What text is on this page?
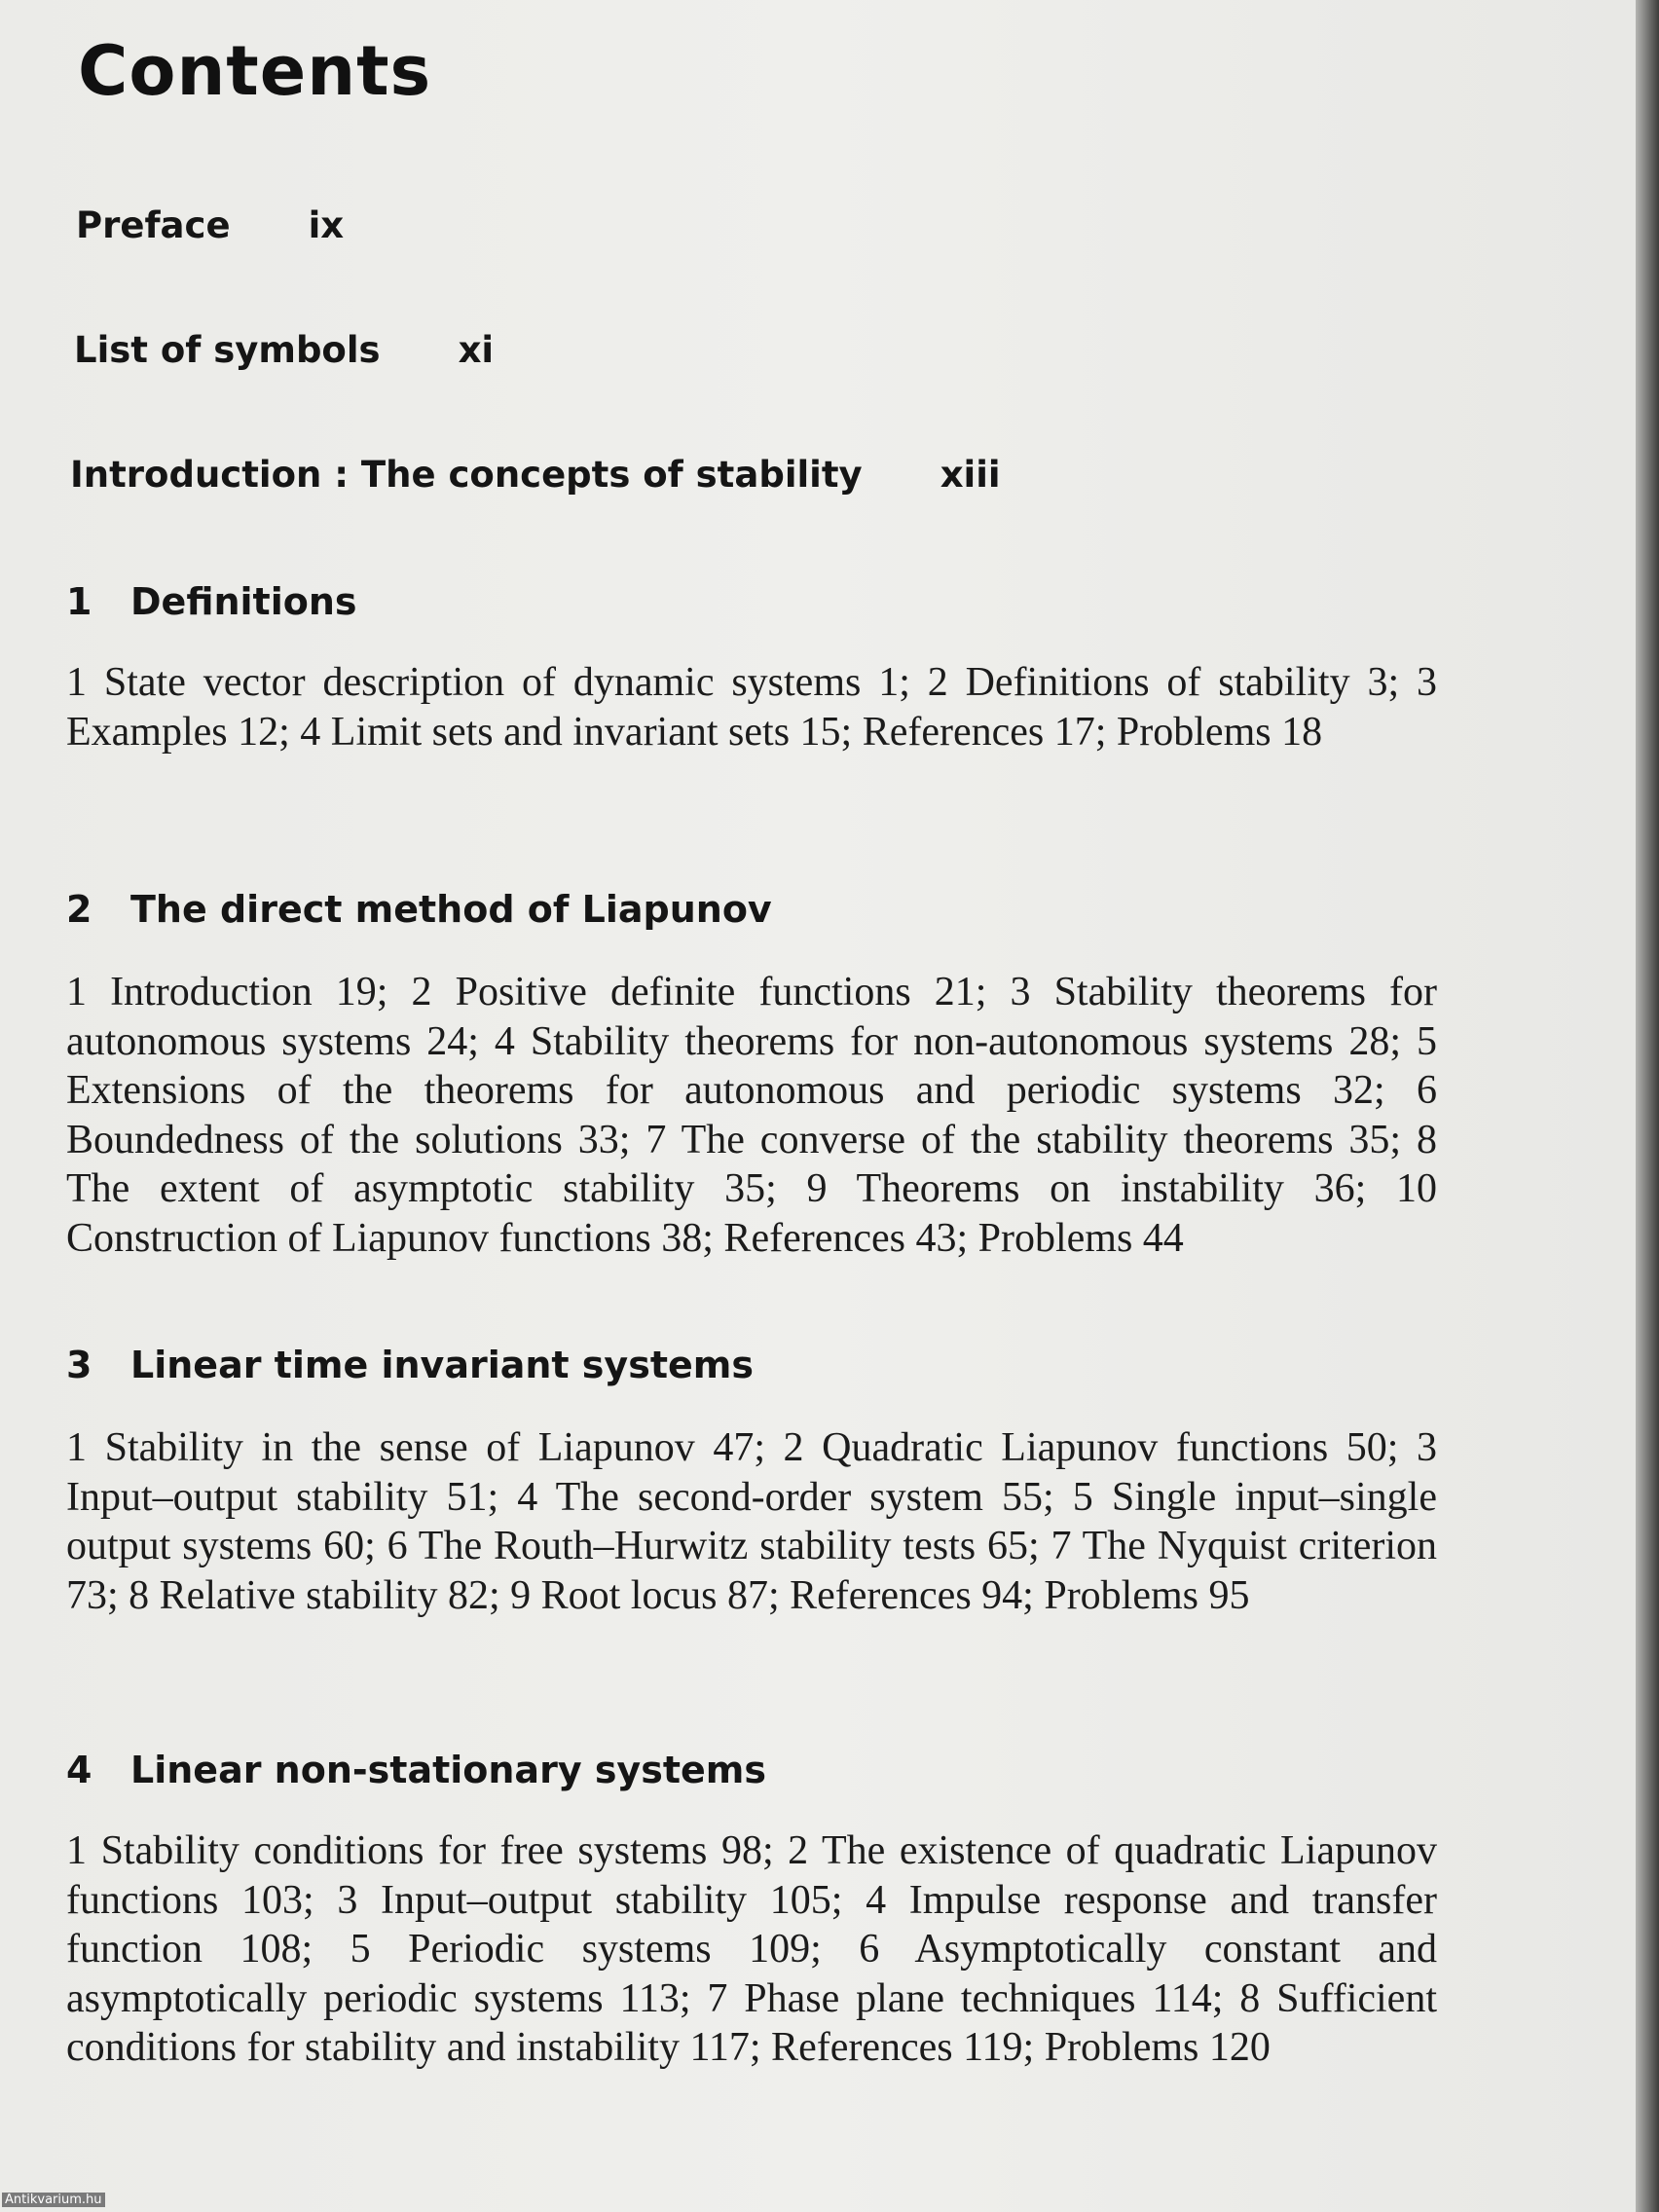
Contents
Preface ix
List of symbols xi
Introduction : The concepts of stability xiii
1 Definitions
1 State vector description of dynamic systems 1; 2 Definitions of stability 3; 3 Examples 12; 4 Limit sets and invariant sets 15; References 17; Problems 18
2 The direct method of Liapunov
1 Introduction 19; 2 Positive definite functions 21; 3 Stability theorems for autonomous systems 24; 4 Stability theorems for non-autonomous systems 28; 5 Extensions of the theorems for autonomous and periodic systems 32; 6 Boundedness of the solutions 33; 7 The converse of the stability theorems 35; 8 The extent of asymptotic stability 35; 9 Theorems on instability 36; 10 Construction of Liapunov functions 38; References 43; Problems 44
3 Linear time invariant systems
1 Stability in the sense of Liapunov 47; 2 Quadratic Liapunov functions 50; 3 Input–output stability 51; 4 The second-order system 55; 5 Single input–single output systems 60; 6 The Routh–Hurwitz stability tests 65; 7 The Nyquist criterion 73; 8 Relative stability 82; 9 Root locus 87; References 94; Problems 95
4 Linear non-stationary systems
1 Stability conditions for free systems 98; 2 The existence of quadratic Liapunov functions 103; 3 Input–output stability 105; 4 Impulse response and transfer function 108; 5 Periodic systems 109; 6 Asymptotically constant and asymptotically periodic systems 113; 7 Phase plane techniques 114; 8 Sufficient conditions for stability and instability 117; References 119; Problems 120
Antikvarium.hu
